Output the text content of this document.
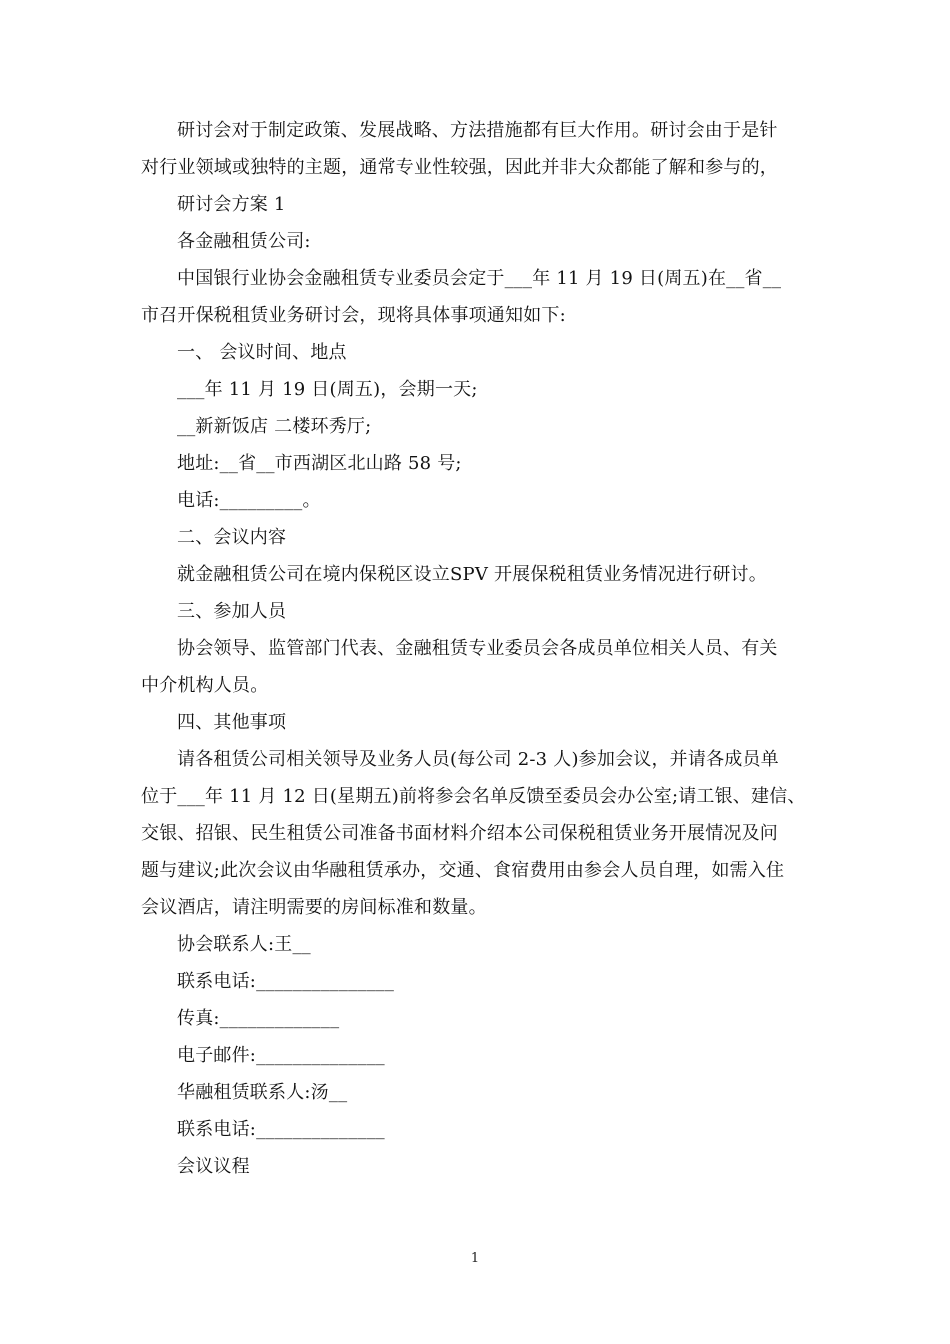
研讨会对于制定政策、发展战略、方法措施都有巨大作用。研讨会由于是针

对行业领域或独特的主题，通常专业性较强，因此并非大众都能了解和参与的，

研讨会方案 1

各金融租赁公司:

中国银行业协会金融租赁专业委员会定于___年 11 月 19 日(周五)在__省__

市召开保税租赁业务研讨会，现将具体事项通知如下:

一、 会议时间、地点

___年 11 月 19 日(周五)，会期一天;

__新新饭店 二楼环秀厅;

地址:__省__市西湖区北山路 58 号;

电话:_________。

二、会议内容

就金融租赁公司在境内保税区设立SPV 开展保税租赁业务情况进行研讨。

三、参加人员

协会领导、监管部门代表、金融租赁专业委员会各成员单位相关人员、有关

中介机构人员。

四、其他事项

请各租赁公司相关领导及业务人员(每公司 2-3 人)参加会议，并请各成员单

位于___年 11 月 12 日(星期五)前将参会名单反馈至委员会办公室;请工银、建信、

交银、招银、民生租赁公司准备书面材料介绍本公司保税租赁业务开展情况及问

题与建议;此次会议由华融租赁承办，交通、食宿费用由参会人员自理，如需入住

会议酒店，请注明需要的房间标准和数量。

协会联系人:王__

联系电话:_______________

传真:_____________

电子邮件:______________

华融租赁联系人:汤__

联系电话:______________

会议议程

1
